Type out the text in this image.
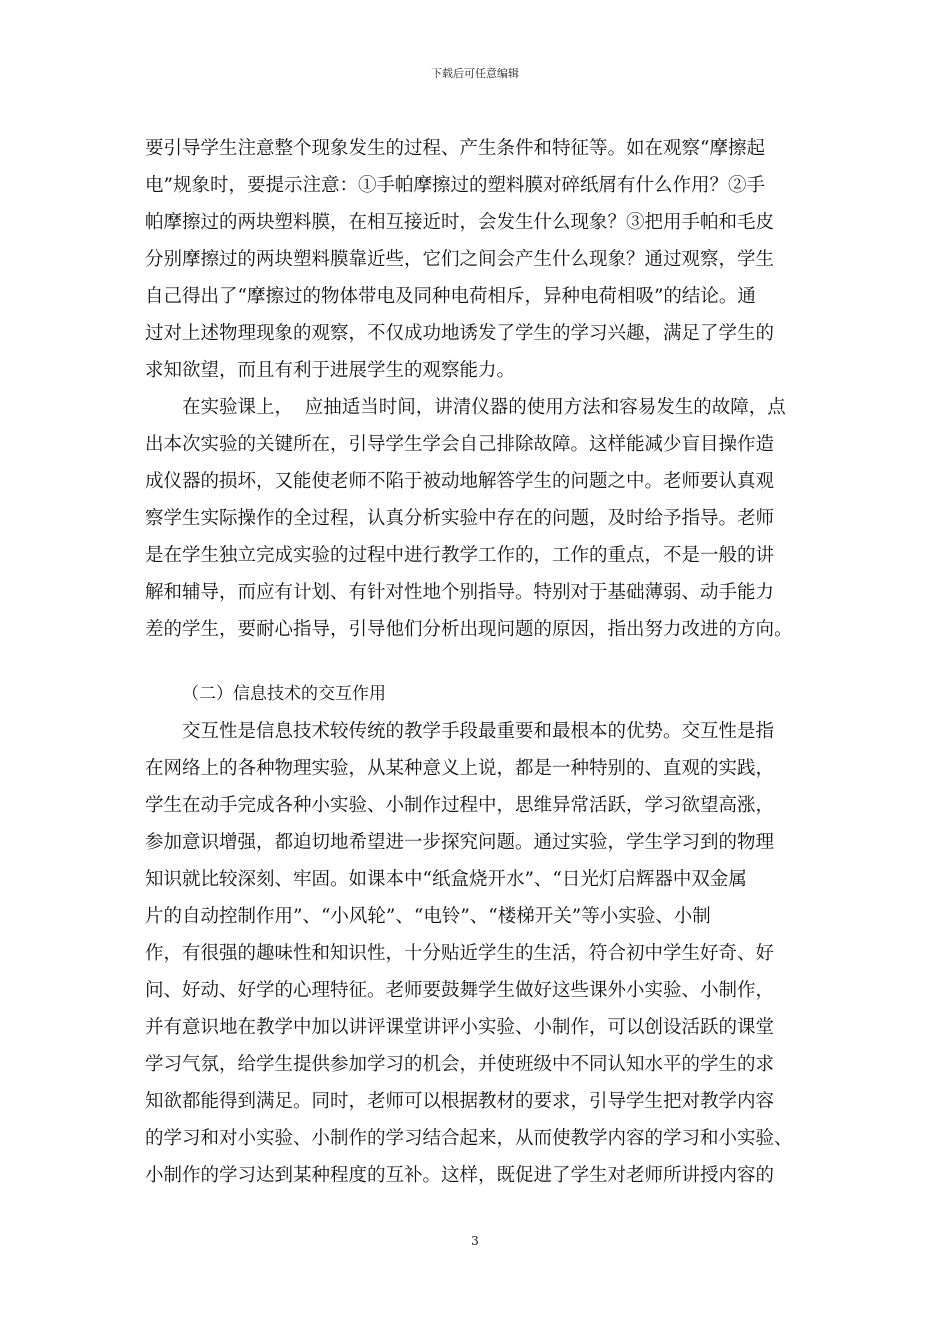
下载后可任意编辑
要引导学生注意整个现象发生的过程、产生条件和特征等。如在观察“摩擦起
电”规象时，要提示注意：①手帕摩擦过的塑料膜对碎纸屑有什么作用？②手
帕摩擦过的两块塑料膜，在相互接近时，会发生什么现象？③把用手帕和毛皮
分别摩擦过的两块塑料膜靠近些，它们之间会产生什么现象？通过观察，学生
自己得出了“摩擦过的物体带电及同种电荷相斥，异种电荷相吸”的结论。通
过对上述物理现象的观察，不仅成功地诱发了学生的学习兴趣，满足了学生的
求知欲望，而且有利于进展学生的观察能力。
在实验课上，  应抽适当时间，讲清仪器的使用方法和容易发生的故障，点
出本次实验的关键所在，引导学生学会自己排除故障。这样能减少盲目操作造
成仪器的损坏，又能使老师不陷于被动地解答学生的问题之中。老师要认真观
察学生实际操作的全过程，认真分析实验中存在的问题，及时给予指导。老师
是在学生独立完成实验的过程中进行教学工作的，工作的重点，不是一般的讲
解和辅导，而应有计划、有针对性地个别指导。特别对于基础薄弱、动手能力
差的学生，要耐心指导，引导他们分析出现问题的原因，指出努力改进的方向。
（二）信息技术的交互作用
交互性是信息技术较传统的教学手段最重要和最根本的优势。交互性是指
在网络上的各种物理实验，从某种意义上说，都是一种特别的、直观的实践，
学生在动手完成各种小实验、小制作过程中，思维异常活跃，学习欲望高涨，
参加意识增强，都迫切地希望进一步探究问题。通过实验，学生学习到的物理
知识就比较深刻、牢固。如课本中“纸盒烧开水”、“日光灯启辉器中双金属
片的自动控制作用”、“小风轮”、“电铃”、“楼梯开关”等小实验、小制
作，有很强的趣味性和知识性，十分贴近学生的生活，符合初中学生好奇、好
问、好动、好学的心理特征。老师要鼓舞学生做好这些课外小实验、小制作，
并有意识地在教学中加以讲评课堂讲评小实验、小制作，可以创设活跃的课堂
学习气氛，给学生提供参加学习的机会，并使班级中不同认知水平的学生的求
知欲都能得到满足。同时，老师可以根据教材的要求，引导学生把对教学内容
的学习和对小实验、小制作的学习结合起来，从而使教学内容的学习和小实验、
小制作的学习达到某种程度的互补。这样，既促进了学生对老师所讲授内容的
3
